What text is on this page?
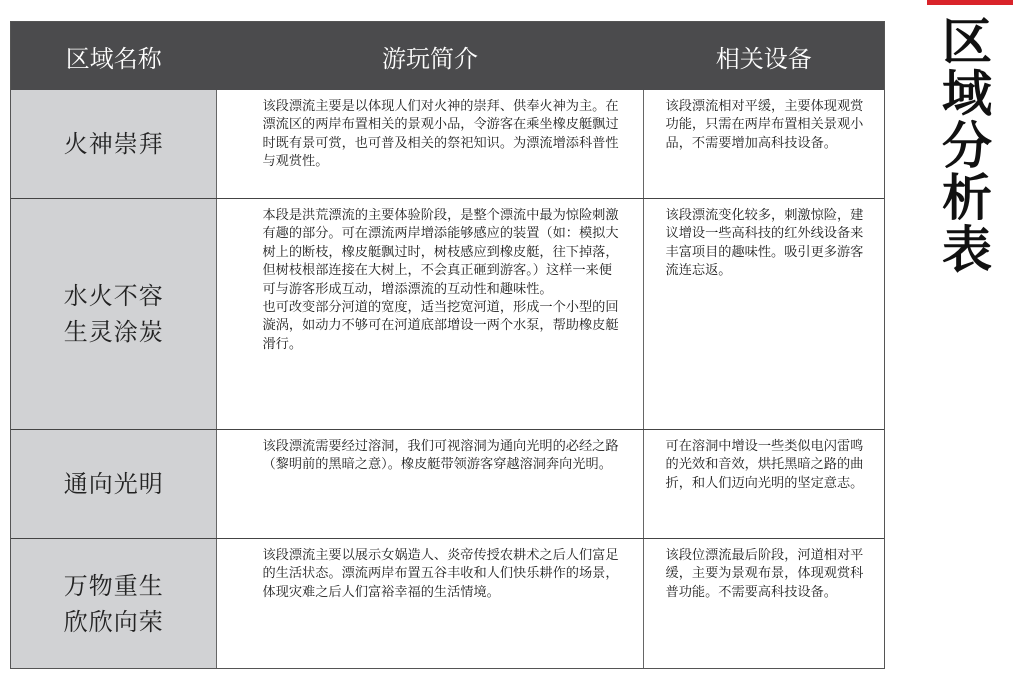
区
域
分
析
表
区域名称	游玩简介	相关设备
火神崇拜
该段漂流主要是以体现人们对火神的崇拜、供奉火神为主。在漂流区的两岸布置相关的景观小品，令游客在乘坐橡皮艇飘过时既有景可赏，也可普及相关的祭祀知识。为漂流增添科普性与观赏性。
该段漂流相对平缓，主要体现观赏功能，只需在两岸布置相关景观小品，不需要增加高科技设备。
水火不容
生灵涂炭
本段是洪荒漂流的主要体验阶段，是整个漂流中最为惊险刺激有趣的部分。可在漂流两岸增添能够感应的装置（如：模拟大树上的断枝，橡皮艇飘过时，树枝感应到橡皮艇，往下掉落，但树枝根部连接在大树上，不会真正砸到游客。）这样一来便可与游客形成互动，增添漂流的互动性和趣味性。
也可改变部分河道的宽度，适当挖宽河道，形成一个小型的回漩涡，如动力不够可在河道底部增设一两个水泵，帮助橡皮艇滑行。
该段漂流变化较多，刺激惊险，建议增设一些高科技的红外线设备来丰富项目的趣味性。吸引更多游客流连忘返。
通向光明
该段漂流需要经过溶洞，我们可视溶洞为通向光明的必经之路（黎明前的黑暗之意）。橡皮艇带领游客穿越溶洞奔向光明。
可在溶洞中增设一些类似电闪雷鸣的光效和音效，烘托黑暗之路的曲折，和人们迈向光明的坚定意志。
万物重生
欣欣向荣
该段漂流主要以展示女娲造人、炎帝传授农耕术之后人们富足的生活状态。漂流两岸布置五谷丰收和人们快乐耕作的场景，体现灾难之后人们富裕幸福的生活情境。
该段位漂流最后阶段，河道相对平缓，主要为景观布景，体现观赏科普功能。不需要高科技设备。
